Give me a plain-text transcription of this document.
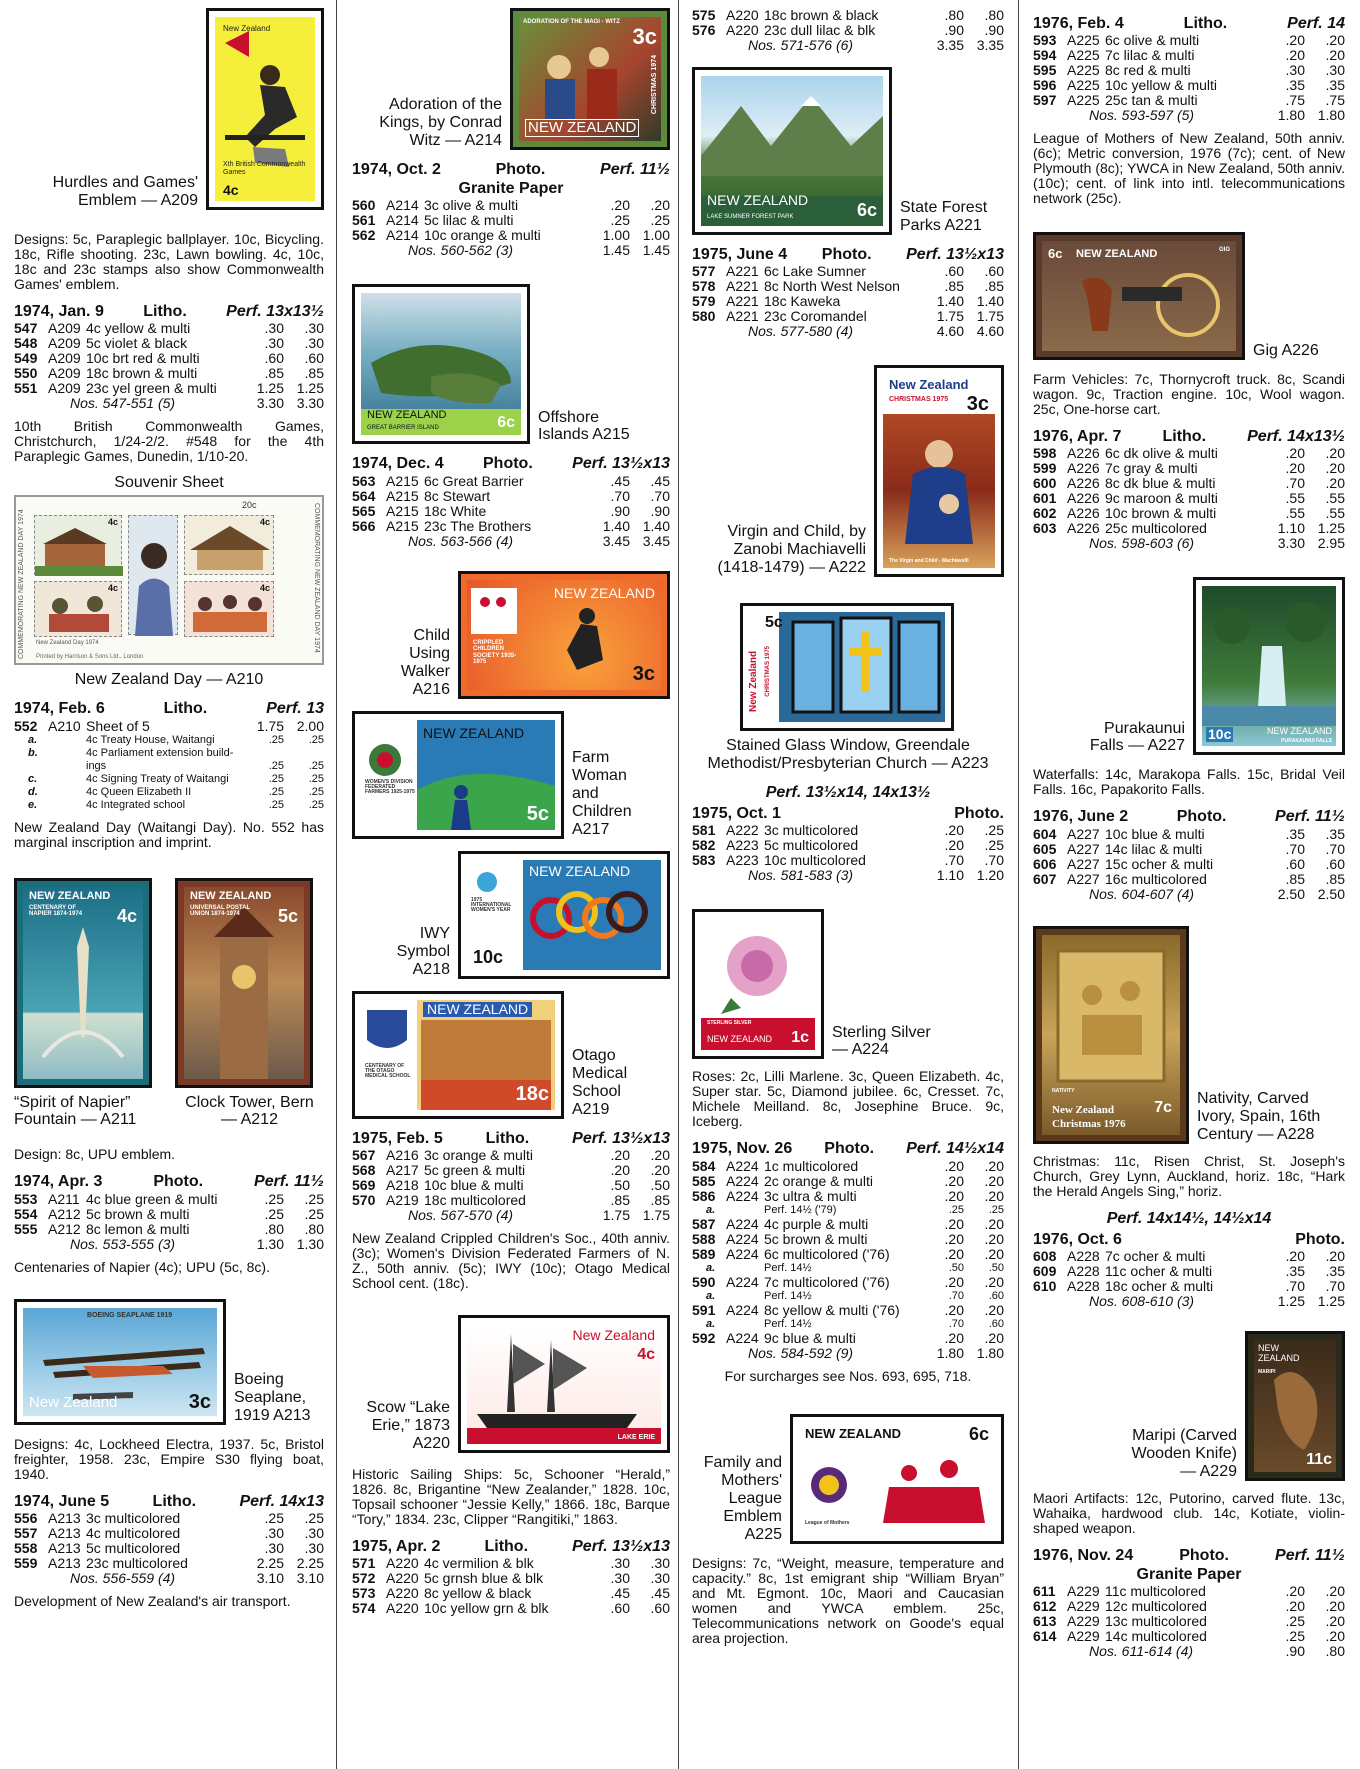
Hurdles and Games' Emblem — A209
New Zealand
Xth British Commonwealth Games
4c

Designs: 5c, Paraplegic ballplayer. 10c, Bicycling. 18c, Rifle shooting. 23c, Lawn bowling. 4c, 10c, 18c and 23c stamps also show Commonwealth Games' emblem.

1974, Jan. 9 Litho. Perf. 13x13½
547	A209	4c yellow & multi	.30	.30
548	A209	5c violet & black	.30	.30
549	A209	10c brt red & multi	.60	.60
550	A209	18c brown & multi	.85	.85
551	A209	23c yel green & multi	1.25	1.25
Nos. 547-551 (5)			3.30	3.30

10th British Commonwealth Games, Christchurch, 1/24-2/2. #548 for the 4th Paraplegic Games, Dunedin, 1/10-20.

Souvenir Sheet
COMMEMORATING NEW ZEALAND DAY 1974	COMMEMORATING NEW ZEALAND DAY 1974
20c
4c	4c
4c	4c
New Zealand Day 1974
Printed by Harrison & Sons Ltd., London
New Zealand Day — A210
1974, Feb. 6	Litho.	Perf. 13
552	A210	Sheet of 5	1.75	2.00
a.		4c Treaty House, Waitangi	.25	.25
b.		4c Parliament extension build-		
		ings	.25	.25
c.		4c Signing Treaty of Waitangi	.25	.25
d.		4c Queen Elizabeth II	.25	.25
e.		4c Integrated school	.25	.25

New Zealand Day (Waitangi Day). No. 552 has marginal inscription and imprint.

NEW ZEALAND
CENTENARY OF NAPIER 1874-1974	4c
“Spirit of Napier” Fountain — A211
NEW ZEALAND
UNIVERSAL POSTAL UNION 1874-1974	5c
Clock Tower, Bern — A212

Design: 8c, UPU emblem.

1974, Apr. 3	Photo.	Perf. 11½
553	A211	4c blue green & multi	.25	.25
554	A212	5c brown & multi	.25	.25
555	A212	8c lemon & multi	.80	.80
Nos. 553-555 (3)			1.30	1.30

Centenaries of Napier (4c); UPU (5c, 8c).

BOEING SEAPLANE 1919
New Zealand	3c
Boeing Seaplane, 1919 A213

Designs: 4c, Lockheed Electra, 1937. 5c, Bristol freighter, 1958. 23c, Empire S30 flying boat, 1940.

1974, June 5	Litho.	Perf. 14x13
556	A213	3c multicolored	.25	.25
557	A213	4c multicolored	.30	.30
558	A213	5c multicolored	.30	.30
559	A213	23c multicolored	2.25	2.25
Nos. 556-559 (4)			3.10	3.10

Development of New Zealand's air transport.

Adoration of the Kings, by Conrad Witz — A214
ADORATION OF THE MAGI - WITZ
3c
CHRISTMAS 1974
NEW ZEALAND
1974, Oct. 2	Photo.	Perf. 11½
Granite Paper
560	A214	3c olive & multi	.20	.20
561	A214	5c lilac & multi	.25	.25
562	A214	10c orange & multi	1.00	1.00
Nos. 560-562 (3)			1.45	1.45
NEW ZEALAND
GREAT BARRIER ISLAND	6c Offshore Islands A215
1974, Dec. 4 Photo. Perf. 13½x13
563	A215	6c Great Barrier	.45	.45
564	A215	8c Stewart	.70	.70
565	A215	18c White	.90	.90
566	A215	23c The Brothers	1.40	1.40
Nos. 563-566 (4)			3.45	3.45
Child Using Walker A216
NEW ZEALAND
CRIPPLED CHILDREN SOCIETY 1935-1975
3c
NEW ZEALAND
WOMEN'S DIVISION FEDERATED FARMERS 1925-1975
5c
Farm Woman and Children A217
IWY Symbol A218
NEW ZEALAND
1975 INTERNATIONAL WOMEN'S YEAR
10c
NEW ZEALAND
CENTENARY OF THE OTAGO MEDICAL SCHOOL
18c
Otago Medical School A219
1975, Feb. 5	Litho.	Perf. 13½x13
567	A216	3c orange & multi	.20	.20
568	A217	5c green & multi	.20	.20
569	A218	10c blue & multi	.50	.50
570	A219	18c multicolored	.85	.85
Nos. 567-570 (4)			1.75	1.75

New Zealand Crippled Children's Soc., 40th anniv. (3c); Women's Division Federated Farmers of N. Z., 50th anniv. (5c); IWY (10c); Otago Medical School cent. (18c).

Scow “Lake Erie,” 1873 A220
New Zealand
4c
LAKE ERIE

Historic Sailing Ships: 5c, Schooner “Herald,” 1826. 8c, Brigantine “New Zealander,” 1828. 10c, Topsail schooner “Jessie Kelly,” 1866. 18c, Barque “Tory,” 1834. 23c, Clipper “Rangitiki,” 1863.

1975, Apr. 2	Litho.	Perf. 13½x13
571	A220	4c vermilion & blk	.30	.30
572	A220	5c grnsh blue & blk	.30	.30
573	A220	8c yellow & black	.45	.45
574	A220	10c yellow grn & blk	.60	.60
575	A220	18c brown & black	.80	.80
576	A220	23c dull lilac & blk	.90	.90
Nos. 571-576 (6)			3.35	3.35
NEW ZEALAND
LAKE SUMNER FOREST PARK	6c State Forest Parks A221
1975, June 4 Photo. Perf. 13½x13
577	A221	6c Lake Sumner	.60	.60
578	A221	8c North West Nelson	.85	.85
579	A221	18c Kaweka	1.40	1.40
580	A221	23c Coromandel	1.75	1.75
Nos. 577-580 (4)			4.60	4.60
Virgin and Child, by Zanobi Machiavelli (1418-1479) — A222
New Zealand
CHRISTMAS 1975 3c
The Virgin and Child - Machiavelli
New Zealand CHRISTMAS 1975
5c
Stained Glass Window, Greendale Methodist/Presbyterian Church — A223
Perf. 13½x14, 14x13½
1975, Oct. 1	Photo.
581	A222	3c multicolored	.20	.25
582	A223	5c multicolored	.20	.25
583	A223	10c multicolored	.70	.70
Nos. 581-583 (3)			1.10	1.20
STERLING SILVER
NEW ZEALAND 1c Sterling Silver — A224

Roses: 2c, Lilli Marlene. 3c, Queen Elizabeth. 4c, Super star. 5c, Diamond jubilee. 6c, Cresset. 7c, Michele Meilland. 8c, Josephine Bruce. 9c, Iceberg.

1975, Nov. 26 Photo. Perf. 14½x14
584	A224	1c multicolored	.20	.20
585	A224	2c orange & multi	.20	.20
586	A224	3c ultra & multi	.20	.20
a.		Perf. 14½ ('79)	.25	.25
587	A224	4c purple & multi	.20	.20
588	A224	5c brown & multi	.20	.20
589	A224	6c multicolored ('76)	.20	.20
a.		Perf. 14½	.50	.50
590	A224	7c multicolored ('76)	.20	.20
a.		Perf. 14½	.70	.60
591	A224	8c yellow & multi ('76)	.20	.20
a.		Perf. 14½	.70	.60
592	A224	9c blue & multi	.20	.20
Nos. 584-592 (9)			1.80	1.80

For surcharges see Nos. 693, 695, 718.

Family and Mothers' League Emblem A225
NEW ZEALAND	6c
League of Mothers

Designs: 7c, “Weight, measure, temperature and capacity.” 8c, 1st emigrant ship “William Bryan” and Mt. Egmont. 10c, Maori and Caucasian women and YWCA emblem. 25c, Telecommunications network on Goode's equal area projection.

1976, Feb. 4	Litho.	Perf. 14
593	A225	6c olive & multi	.20	.20
594	A225	7c lilac & multi	.20	.20
595	A225	8c red & multi	.30	.30
596	A225	10c yellow & multi	.35	.35
597	A225	25c tan & multi	.75	.75
Nos. 593-597 (5)			1.80	1.80

League of Mothers of New Zealand, 50th anniv. (6c); Metric conversion, 1976 (7c); cent. of New Plymouth (8c); YWCA in New Zealand, 50th anniv. (10c); cent. of link into intl. telecommunications network (25c).

6c NEW ZEALAND	GIG
Gig A226

Farm Vehicles: 7c, Thornycroft truck. 8c, Scandi wagon. 9c, Traction engine. 10c, Wool wagon. 25c, One-horse cart.

1976, Apr. 7	Litho.	Perf. 14x13½
598	A226	6c dk olive & multi	.20	.20
599	A226	7c gray & multi	.20	.20
600	A226	8c dk blue & multi	.70	.20
601	A226	9c maroon & multi	.55	.55
602	A226	10c brown & multi	.55	.55
603	A226	25c multicolored	1.10	1.25
Nos. 598-603 (6)			3.30	2.95
Purakaunui Falls — A227
10c	NEW ZEALAND
PURAKAUNUI FALLS

Waterfalls: 14c, Marakopa Falls. 15c, Bridal Veil Falls. 16c, Papakorito Falls.

1976, June 2	Photo.	Perf. 11½
604	A227	10c blue & multi	.35	.35
605	A227	14c lilac & multi	.70	.70
606	A227	15c ocher & multi	.60	.60
607	A227	16c multicolored	.85	.85
Nos. 604-607 (4)			2.50	2.50
NATIVITY
New Zealand
Christmas 1976
7c
Nativity, Carved Ivory, Spain, 16th Century — A228

Christmas: 11c, Risen Christ, St. Joseph's Church, Grey Lynn, Auckland, horiz. 18c, “Hark the Herald Angels Sing,” horiz.

Perf. 14x14½, 14½x14
1976, Oct. 6	Photo.
608	A228	7c ocher & multi	.20	.20
609	A228	11c ocher & multi	.35	.35
610	A228	18c ocher & multi	.70	.70
Nos. 608-610 (3)			1.25	1.25
Maripi (Carved Wooden Knife) — A229
NEW ZEALAND
MARIPI
11c

Maori Artifacts: 12c, Putorino, carved flute. 13c, Wahaika, hardwood club. 14c, Kotiate, violin-shaped weapon.

1976, Nov. 24	Photo.	Perf. 11½
Granite Paper
611	A229	11c multicolored	.20	.20
612	A229	12c multicolored	.20	.20
613	A229	13c multicolored	.25	.20
614	A229	14c multicolored	.25	.20
Nos. 611-614 (4)			.90	.80
